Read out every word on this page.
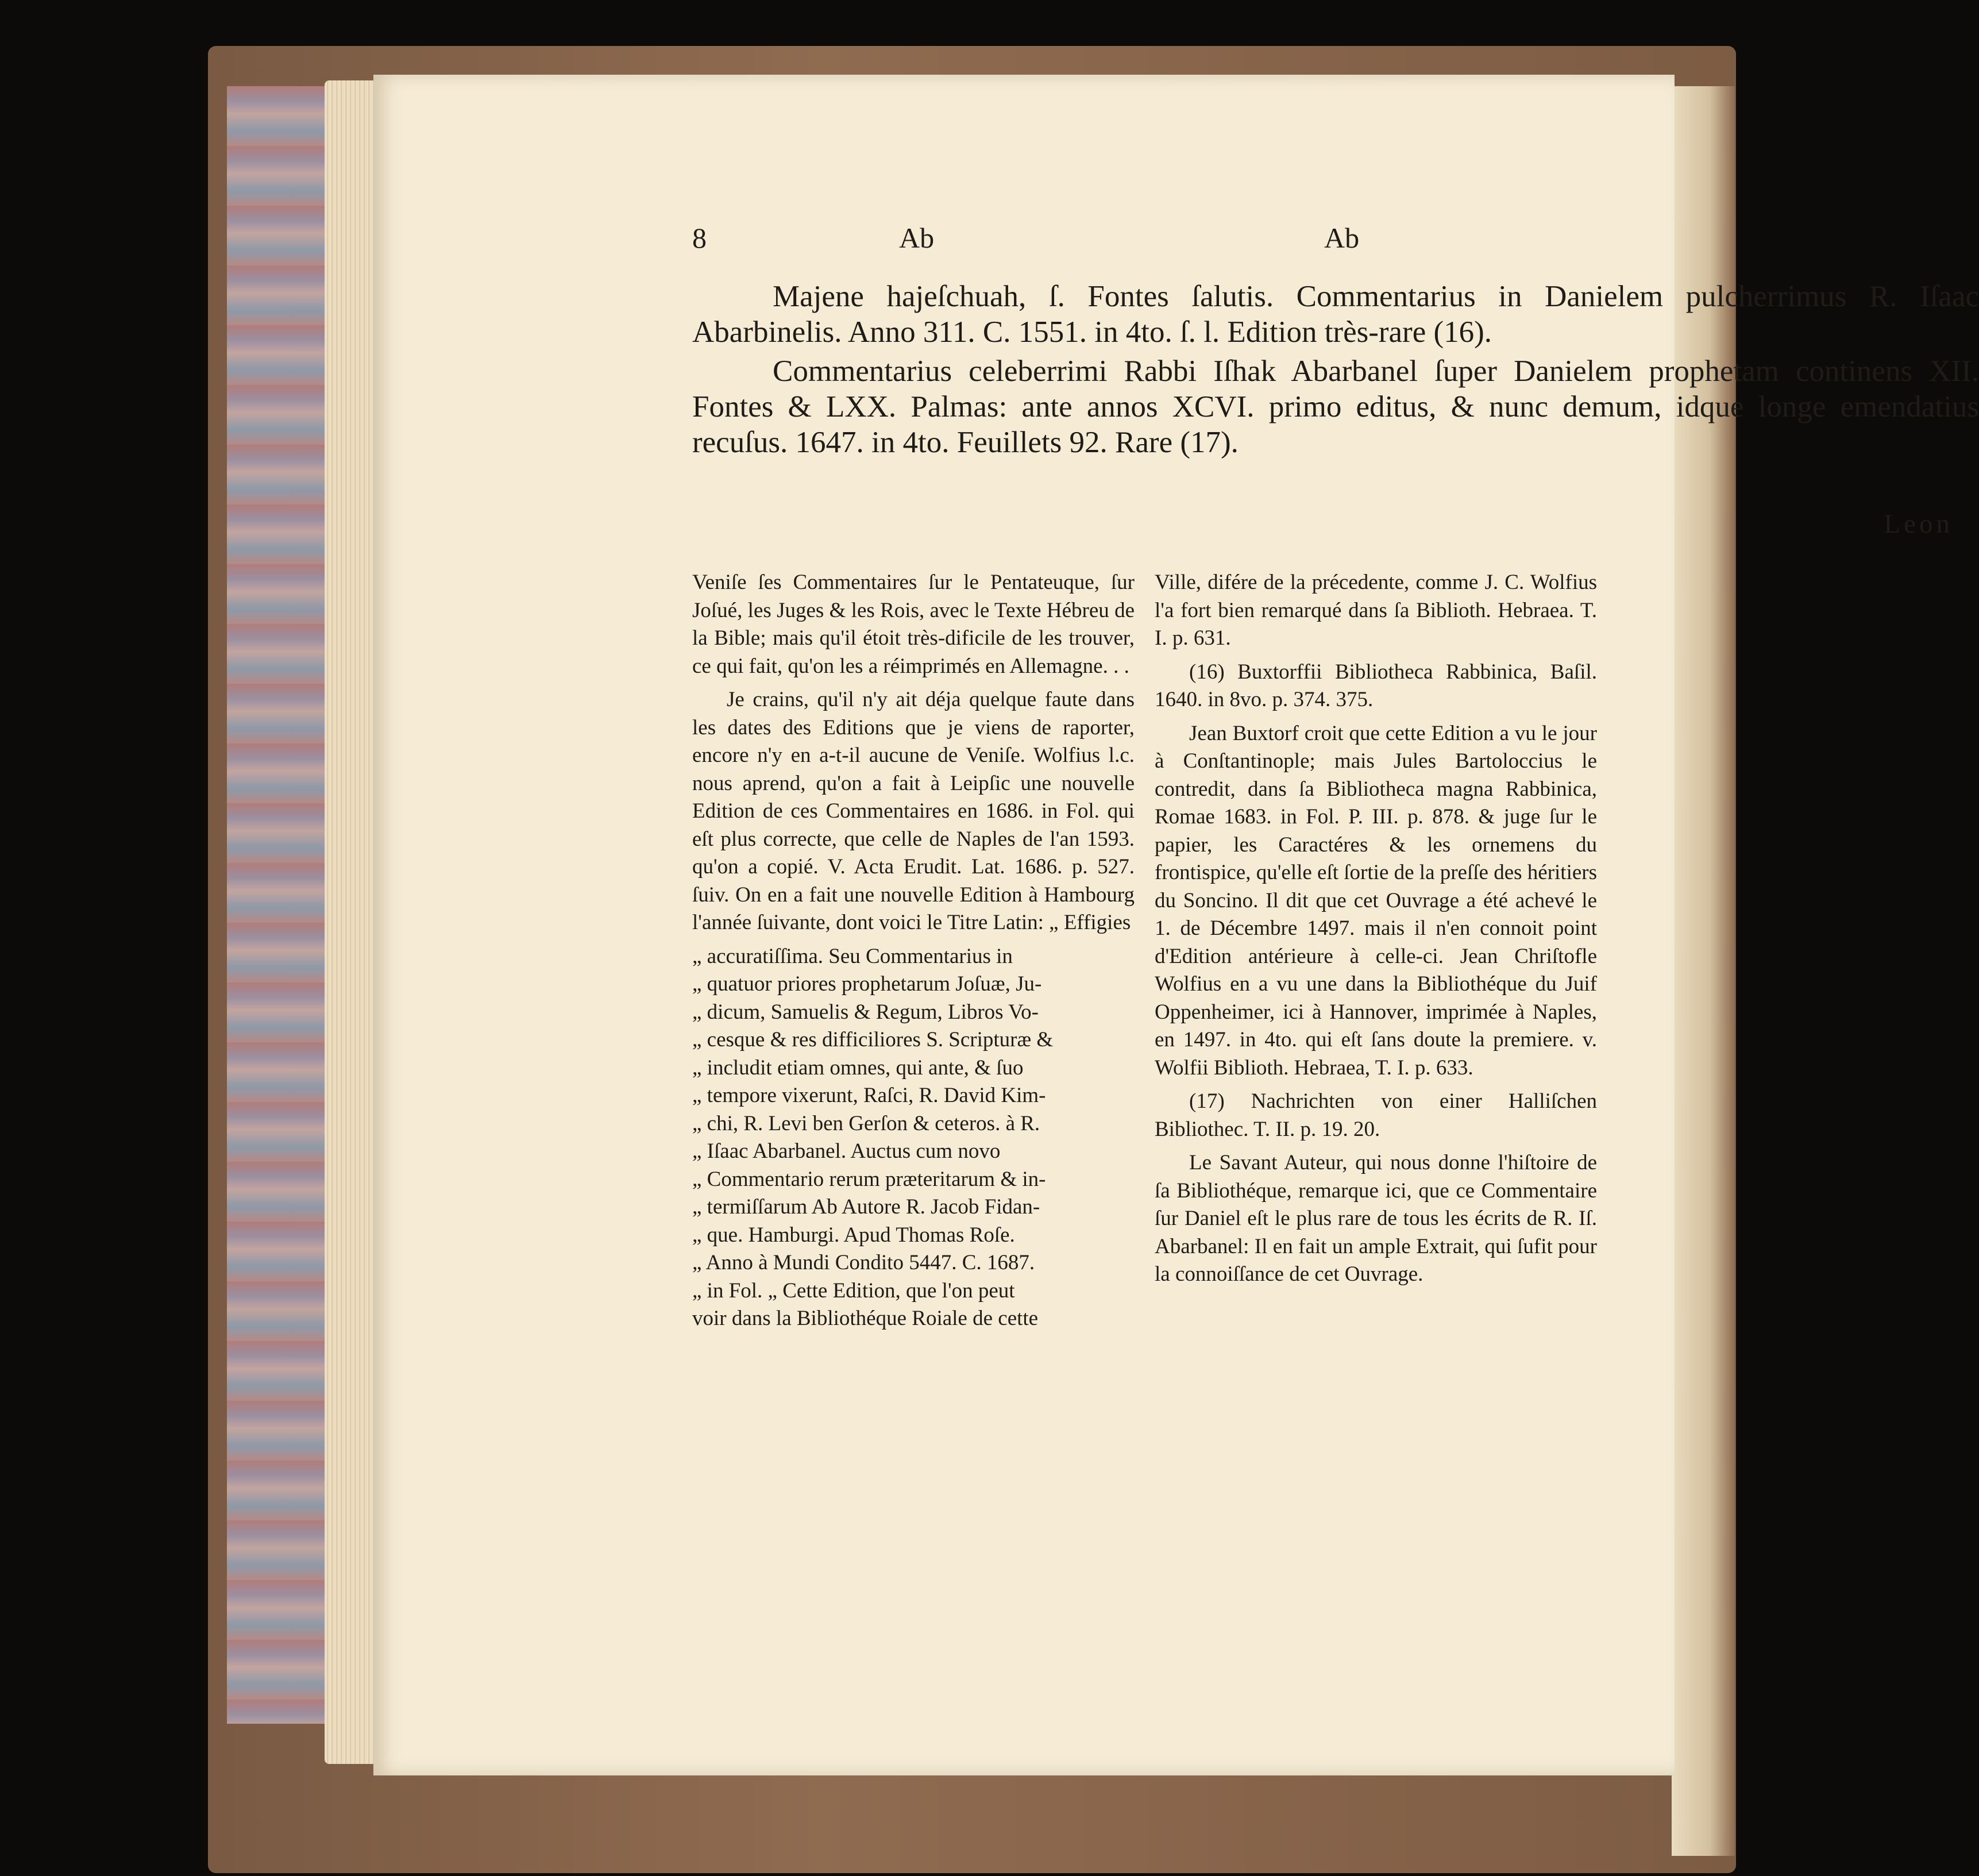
8	Ab	Ab

Majene hajeſchuah, ſ. Fontes ſalutis. Commentarius in Danielem pulcherrimus R. Iſaac Abarbinelis. Anno 311. C. 1551. in 4to. ſ. l. Edition très-rare (16).

Commentarius celeberrimi Rabbi Iſhak Abarbanel ſuper Danielem prophetam continens XII. Fontes & LXX. Palmas: ante annos XCVI. primo editus, & nunc demum, idque longe emendatius recuſus. 1647. in 4to. Feuillets 92. Rare (17).

Leon

Veniſe ſes Commentaires ſur le Pentateuque, ſur Joſué, les Juges & les Rois, avec le Texte Hébreu de la Bible; mais qu'il étoit très-dificile de les trouver, ce qui fait, qu'on les a réimprimés en Allemagne. . .

Je crains, qu'il n'y ait déja quelque faute dans les dates des Editions que je viens de raporter, encore n'y en a-t-il aucune de Veniſe. Wolfius l.c. nous aprend, qu'on a fait à Leipſic une nouvelle Edition de ces Commentaires en 1686. in Fol. qui eſt plus correcte, que celle de Naples de l'an 1593. qu'on a copié. V. Acta Erudit. Lat. 1686. p. 527. ſuiv. On en a fait une nouvelle Edition à Hambourg l'année ſuivante, dont voici le Titre Latin: „ Effigies

„ accuratiſſima. Seu Commentarius in
„ quatuor priores prophetarum Joſuæ, Ju-
„ dicum, Samuelis & Regum, Libros Vo-
„ cesque & res difficiliores S. Scripturæ &
„ includit etiam omnes, qui ante, & ſuo
„ tempore vixerunt, Raſci, R. David Kim-
„ chi, R. Levi ben Gerſon & ceteros. à R.
„ Iſaac Abarbanel. Auctus cum novo
„ Commentario rerum præteritarum & in-
„ termiſſarum Ab Autore R. Jacob Fidan-
„ que. Hamburgi. Apud Thomas Roſe.
„ Anno à Mundi Condito 5447. C. 1687.
„ in Fol. „ Cette Edition, que l'on peut

voir dans la Bibliothéque Roiale de cette

Ville, difére de la précedente, comme J. C. Wolfius l'a fort bien remarqué dans ſa Biblioth. Hebraea. T. I. p. 631.

(16) Buxtorffii Bibliotheca Rabbinica, Baſil. 1640. in 8vo. p. 374. 375.

Jean Buxtorf croit que cette Edition a vu le jour à Conſtantinople; mais Jules Bartoloccius le contredit, dans ſa Bibliotheca magna Rabbinica, Romae 1683. in Fol. P. III. p. 878. & juge ſur le papier, les Caractéres & les ornemens du frontispice, qu'elle eſt ſortie de la preſſe des héritiers du Soncino. Il dit que cet Ouvrage a été achevé le 1. de Décembre 1497. mais il n'en connoit point d'Edition antérieure à celle-ci. Jean Chriſtofle Wolfius en a vu une dans la Bibliothéque du Juif Oppenheimer, ici à Hannover, imprimée à Naples, en 1497. in 4to. qui eſt ſans doute la premiere. v. Wolfii Biblioth. Hebraea, T. I. p. 633.

(17) Nachrichten von einer Halliſchen Bibliothec. T. II. p. 19. 20.

Le Savant Auteur, qui nous donne l'hiſtoire de ſa Bibliothéque, remarque ici, que ce Commentaire ſur Daniel eſt le plus rare de tous les écrits de R. Iſ. Abarbanel: Il en fait un ample Extrait, qui ſufit pour la connoiſſance de cet Ouvrage.
